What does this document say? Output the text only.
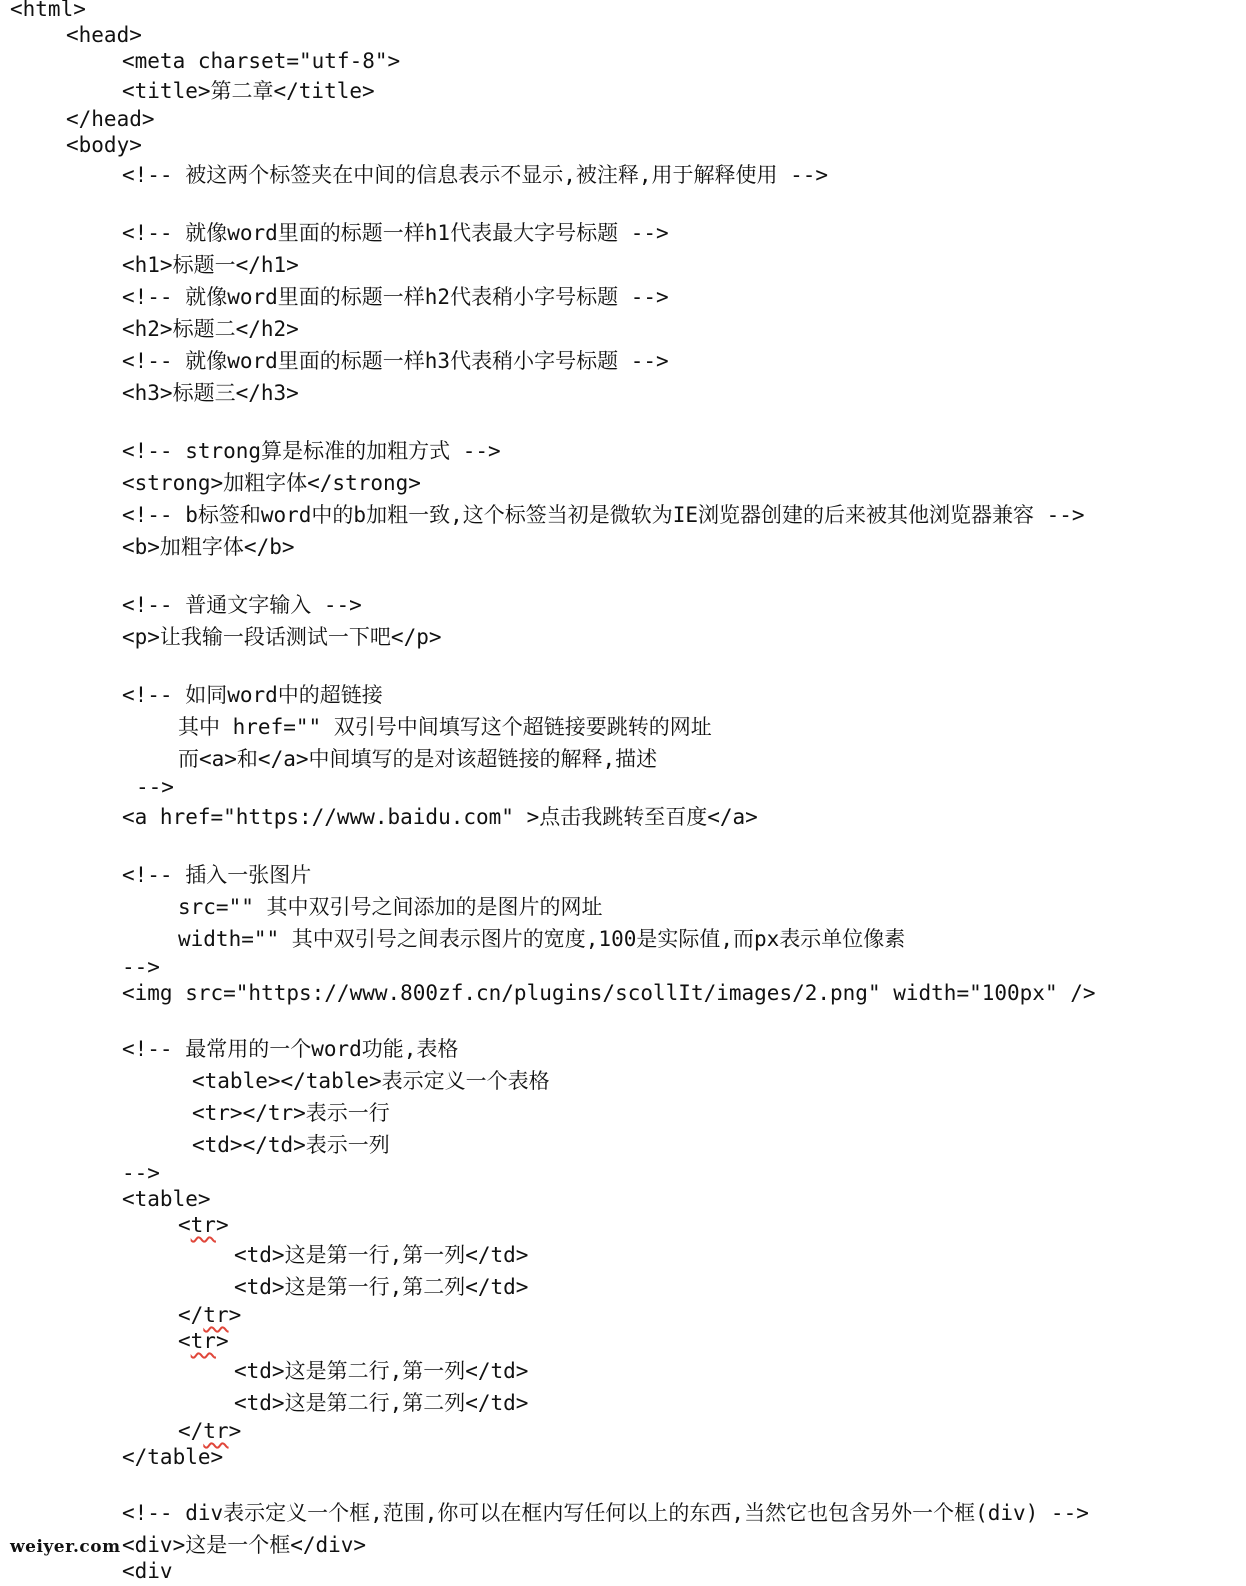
<html>

<head>

<meta charset="utf-8">

<title>第二章</title>

</head>

<body>

<!-- 被这两个标签夹在中间的信息表示不显示,被注释,用于解释使用 -->

<!-- 就像word里面的标题一样h1代表最大字号标题 -->

<h1>标题一</h1>

<!-- 就像word里面的标题一样h2代表稍小字号标题 -->

<h2>标题二</h2>

<!-- 就像word里面的标题一样h3代表稍小字号标题 -->

<h3>标题三</h3>

<!-- strong算是标准的加粗方式 -->

<strong>加粗字体</strong>

<!-- b标签和word中的b加粗一致,这个标签当初是微软为IE浏览器创建的后来被其他浏览器兼容 -->

<b>加粗字体</b>

<!-- 普通文字输入 -->

<p>让我输一段话测试一下吧</p>

<!-- 如同word中的超链接

其中 href="" 双引号中间填写这个超链接要跳转的网址

而<a>和</a>中间填写的是对该超链接的解释,描述

-->

<a href="https://www.baidu.com" >点击我跳转至百度</a>

<!-- 插入一张图片

src="" 其中双引号之间添加的是图片的网址

width="" 其中双引号之间表示图片的宽度,100是实际值,而px表示单位像素

-->

<img src="https://www.800zf.cn/plugins/scollIt/images/2.png" width="100px" />

<!-- 最常用的一个word功能,表格

<table></table>表示定义一个表格

<tr></tr>表示一行

<td></td>表示一列

-->

<table>

<tr>

<td>这是第一行,第一列</td>

<td>这是第一行,第二列</td>

</tr>

<tr>

<td>这是第二行,第一列</td>

<td>这是第二行,第二列</td>

</tr>

</table>

<!-- div表示定义一个框,范围,你可以在框内写任何以上的东西,当然它也包含另外一个框(div) -->

<div>这是一个框</div>

<div

weiyer.com
